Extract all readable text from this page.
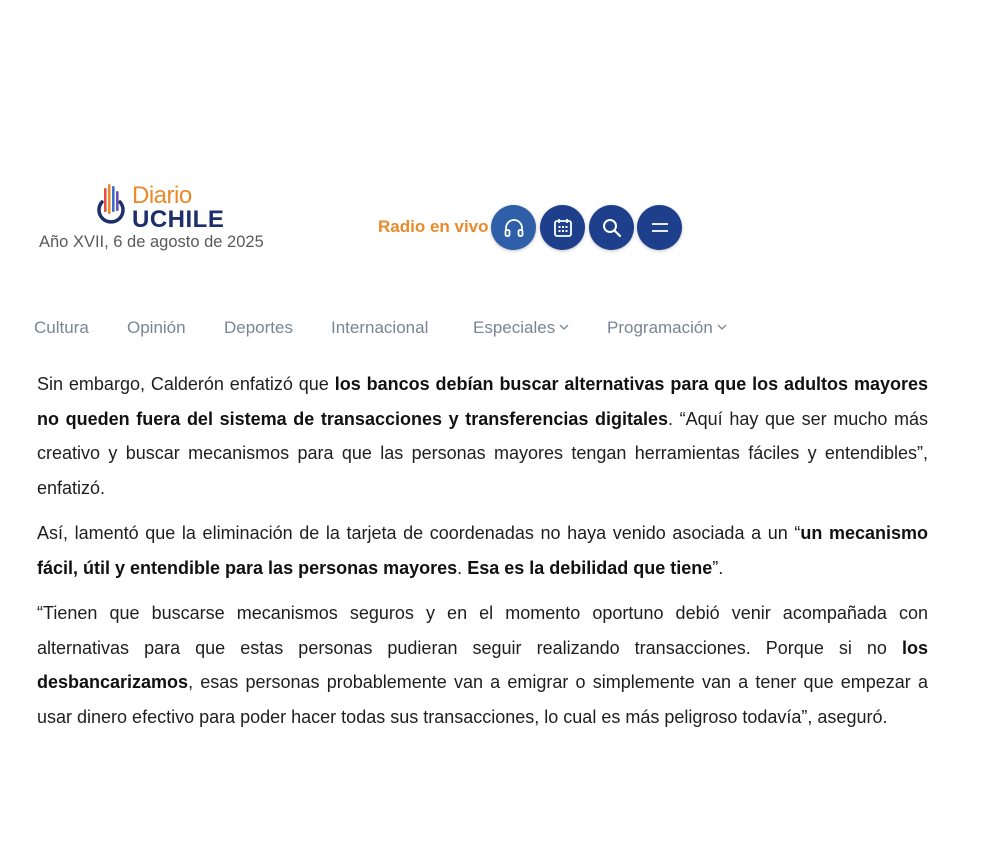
Diario
UCHILE
Año XVII, 6 de agosto de 2025
Radio en vivo
Cultura Opinión Deportes Internacional	Especiales	Programación

Sin embargo, Calderón enfatizó que los bancos debían buscar alternativas para que los adultos mayores no queden fuera del sistema de transacciones y transferencias digitales. “Aquí hay que ser mucho más creativo y buscar mecanismos para que las personas mayores tengan herramientas fáciles y entendibles”, enfatizó.

Así, lamentó que la eliminación de la tarjeta de coordenadas no haya venido asociada a un “un mecanismo fácil, útil y entendible para las personas mayores. Esa es la debilidad que tiene”.

“Tienen que buscarse mecanismos seguros y en el momento oportuno debió venir acompañada con alternativas para que estas personas pudieran seguir realizando transacciones. Porque si no los desbancarizamos, esas personas probablemente van a emigrar o simplemente van a tener que empezar a usar dinero efectivo para poder hacer todas sus transacciones, lo cual es más peligroso todavía”, aseguró.
